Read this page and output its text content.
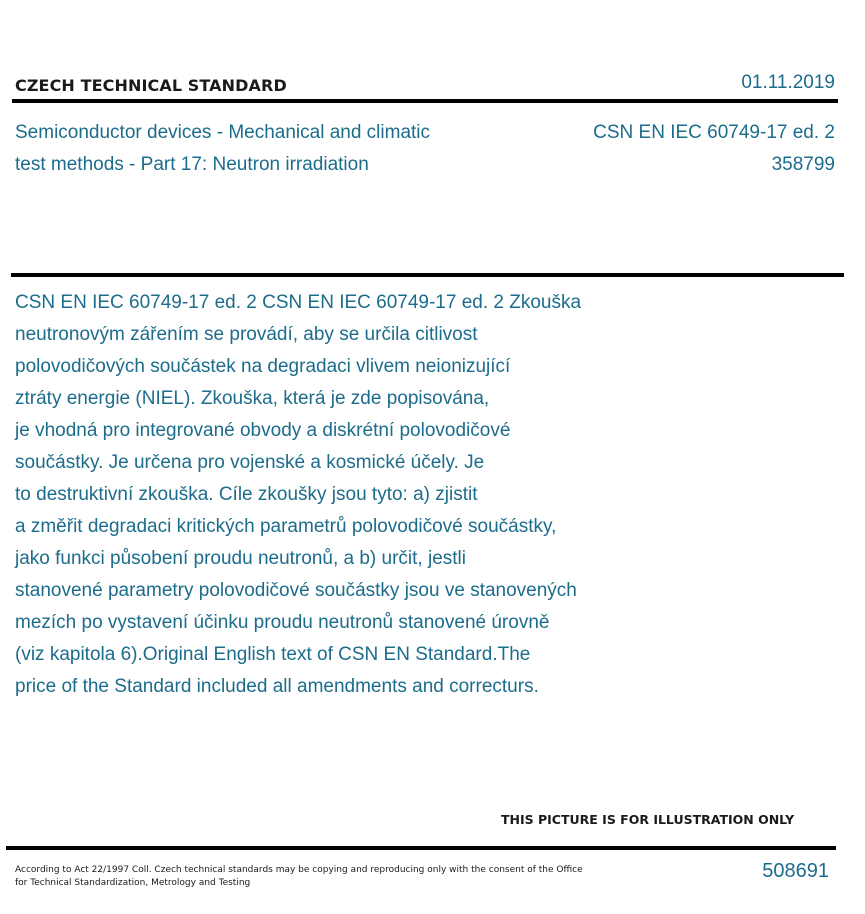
CZECH TECHNICAL STANDARD	01.11.2019
Semiconductor devices - Mechanical and climatic
test methods - Part 17: Neutron irradiation
CSN EN IEC 60749-17 ed. 2
358799
CSN EN IEC 60749-17 ed. 2 CSN EN IEC 60749-17 ed. 2 Zkouška
neutronovým zářením se provádí, aby se určila citlivost
polovodičových součástek na degradaci vlivem neionizující
ztráty energie (NIEL). Zkouška, která je zde popisována,
je vhodná pro integrované obvody a diskrétní polovodičové
součástky. Je určena pro vojenské a kosmické účely. Je
to destruktivní zkouška. Cíle zkoušky jsou tyto: a) zjistit
a změřit degradaci kritických parametrů polovodičové součástky,
jako funkci působení proudu neutronů, a b) určit, jestli
stanovené parametry polovodičové součástky jsou ve stanovených
mezích po vystavení účinku proudu neutronů stanovené úrovně
(viz kapitola 6).Original English text of CSN EN Standard.The
price of the Standard included all amendments and correcturs.
THIS PICTURE IS FOR ILLUSTRATION ONLY
According to Act 22/1997 Coll. Czech technical standards may be copying and reproducing only with the consent of the Office
for Technical Standardization, Metrology and Testing
508691
